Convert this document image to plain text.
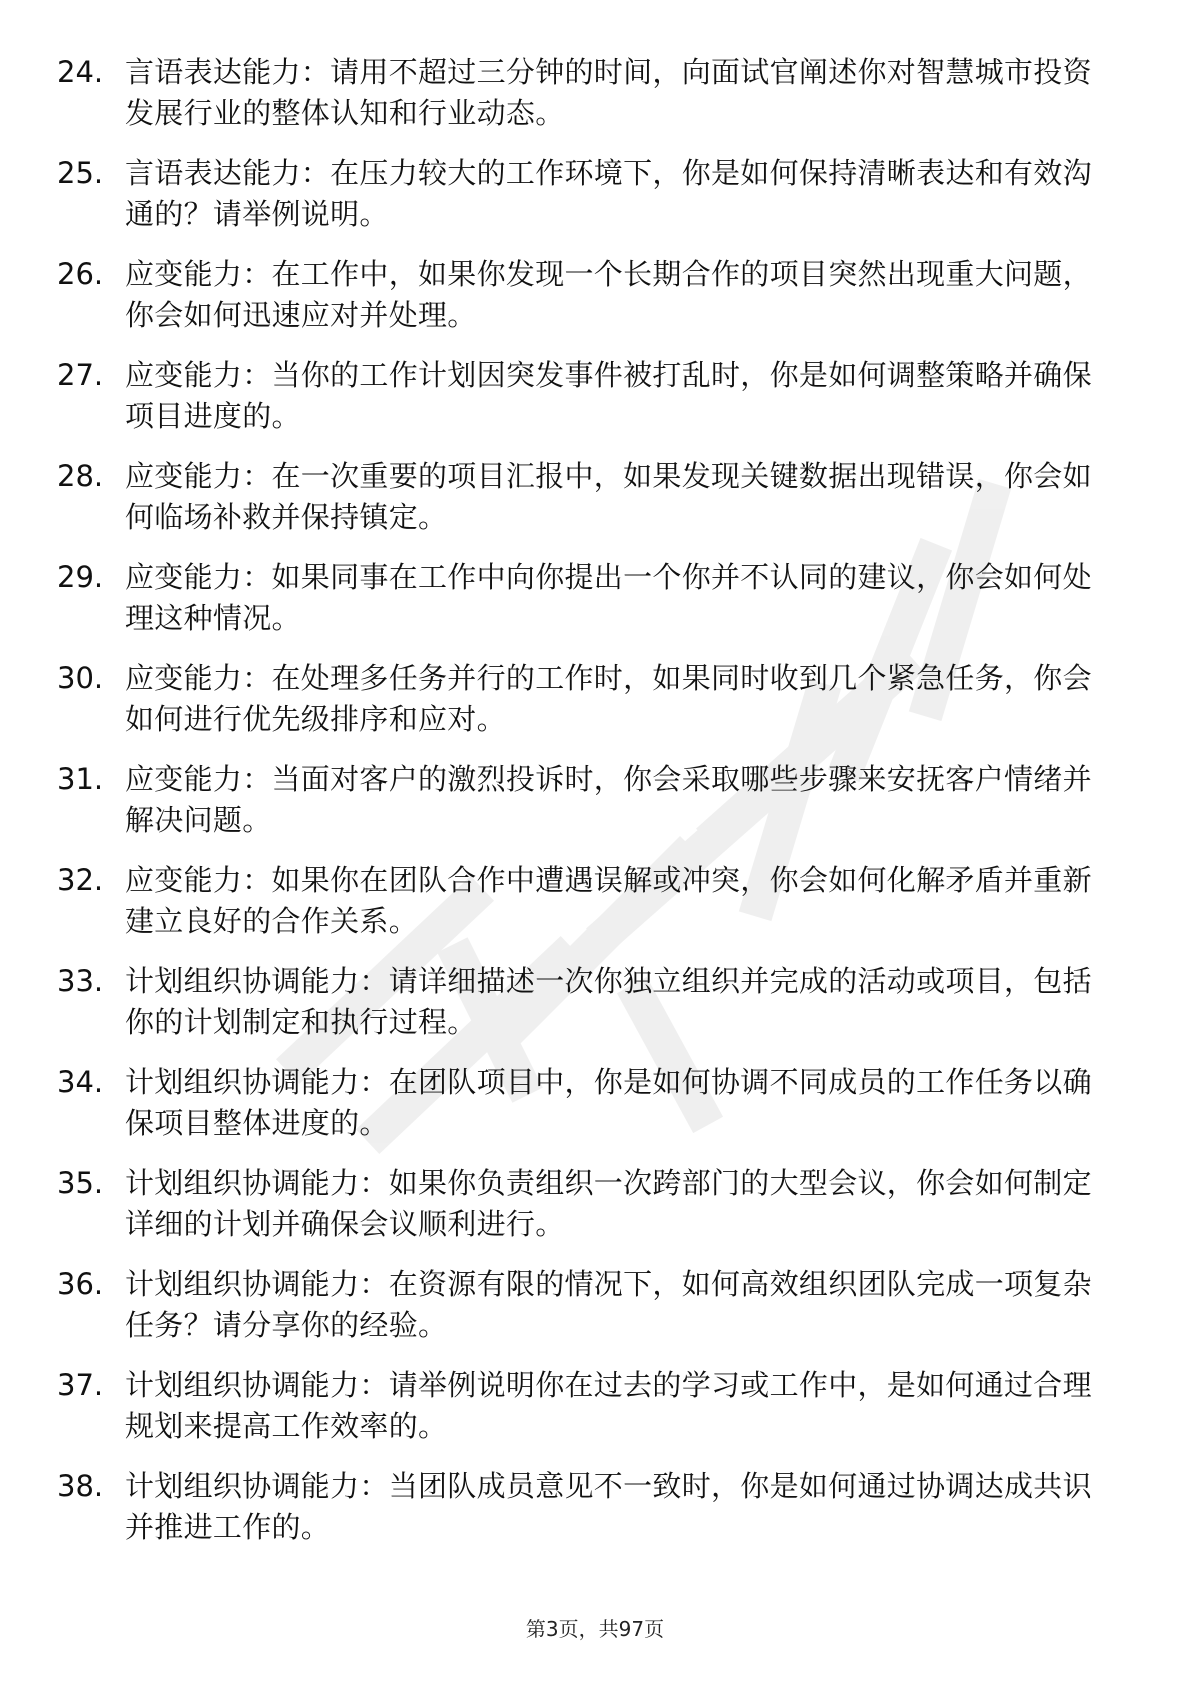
24. 言语表达能力：请用不超过三分钟的时间，向面试官阐述你对智慧城市投资发展行业的整体认知和行业动态。
25. 言语表达能力：在压力较大的工作环境下，你是如何保持清晰表达和有效沟通的？请举例说明。
26. 应变能力：在工作中，如果你发现一个长期合作的项目突然出现重大问题，你会如何迅速应对并处理。
27. 应变能力：当你的工作计划因突发事件被打乱时，你是如何调整策略并确保项目进度的。
28. 应变能力：在一次重要的项目汇报中，如果发现关键数据出现错误，你会如何临场补救并保持镇定。
29. 应变能力：如果同事在工作中向你提出一个你并不认同的建议，你会如何处理这种情况。
30. 应变能力：在处理多任务并行的工作时，如果同时收到几个紧急任务，你会如何进行优先级排序和应对。
31. 应变能力：当面对客户的激烈投诉时，你会采取哪些步骤来安抚客户情绪并解决问题。
32. 应变能力：如果你在团队合作中遭遇误解或冲突，你会如何化解矛盾并重新建立良好的合作关系。
33. 计划组织协调能力：请详细描述一次你独立组织并完成的活动或项目，包括你的计划制定和执行过程。
34. 计划组织协调能力：在团队项目中，你是如何协调不同成员的工作任务以确保项目整体进度的。
35. 计划组织协调能力：如果你负责组织一次跨部门的大型会议，你会如何制定详细的计划并确保会议顺利进行。
36. 计划组织协调能力：在资源有限的情况下，如何高效组织团队完成一项复杂任务？请分享你的经验。
37. 计划组织协调能力：请举例说明你在过去的学习或工作中，是如何通过合理规划来提高工作效率的。
38. 计划组织协调能力：当团队成员意见不一致时，你是如何通过协调达成共识并推进工作的。
第3页，共97页
